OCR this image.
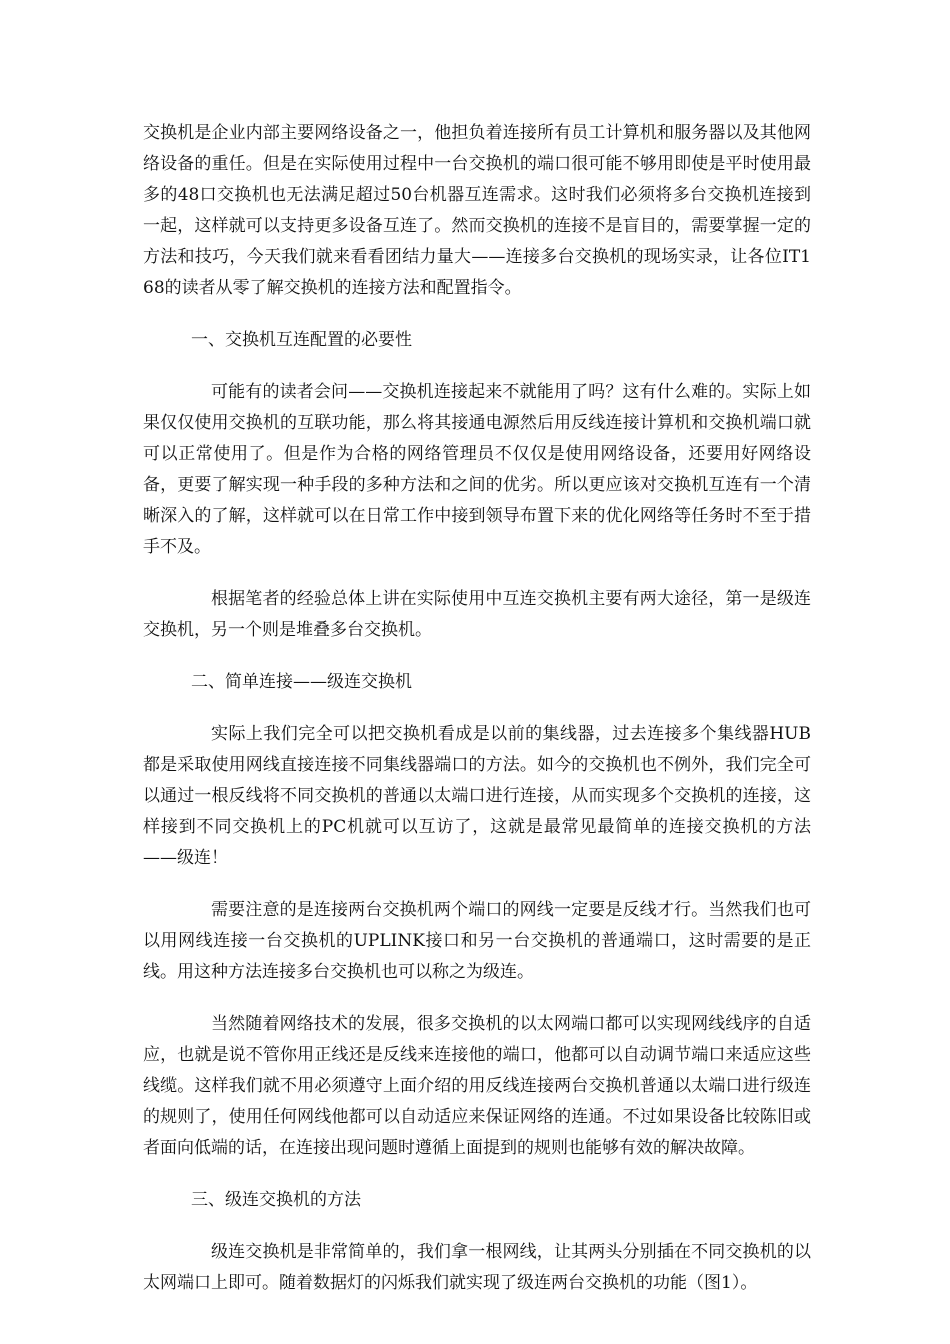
交换机是企业内部主要网络设备之一，他担负着连接所有员工计算机和服务器以及其他网络设备的重任。但是在实际使用过程中一台交换机的端口很可能不够用即使是平时使用最多的48口交换机也无法满足超过50台机器互连需求。这时我们必须将多台交换机连接到一起，这样就可以支持更多设备互连了。然而交换机的连接不是盲目的，需要掌握一定的方法和技巧，今天我们就来看看团结力量大——连接多台交换机的现场实录，让各位IT168的读者从零了解交换机的连接方法和配置指令。

一、交换机互连配置的必要性

可能有的读者会问——交换机连接起来不就能用了吗？这有什么难的。实际上如果仅仅使用交换机的互联功能，那么将其接通电源然后用反线连接计算机和交换机端口就可以正常使用了。但是作为合格的网络管理员不仅仅是使用网络设备，还要用好网络设备，更要了解实现一种手段的多种方法和之间的优劣。所以更应该对交换机互连有一个清晰深入的了解，这样就可以在日常工作中接到领导布置下来的优化网络等任务时不至于措手不及。

根据笔者的经验总体上讲在实际使用中互连交换机主要有两大途径，第一是级连交换机，另一个则是堆叠多台交换机。

二、简单连接——级连交换机

实际上我们完全可以把交换机看成是以前的集线器，过去连接多个集线器HUB都是采取使用网线直接连接不同集线器端口的方法。如今的交换机也不例外，我们完全可以通过一根反线将不同交换机的普通以太端口进行连接，从而实现多个交换机的连接，这样接到不同交换机上的PC机就可以互访了，这就是最常见最简单的连接交换机的方法——级连！

需要注意的是连接两台交换机两个端口的网线一定要是反线才行。当然我们也可以用网线连接一台交换机的UPLINK接口和另一台交换机的普通端口，这时需要的是正线。用这种方法连接多台交换机也可以称之为级连。

当然随着网络技术的发展，很多交换机的以太网端口都可以实现网线线序的自适应，也就是说不管你用正线还是反线来连接他的端口，他都可以自动调节端口来适应这些线缆。这样我们就不用必须遵守上面介绍的用反线连接两台交换机普通以太端口进行级连的规则了，使用任何网线他都可以自动适应来保证网络的连通。不过如果设备比较陈旧或者面向低端的话，在连接出现问题时遵循上面提到的规则也能够有效的解决故障。

三、级连交换机的方法

级连交换机是非常简单的，我们拿一根网线，让其两头分别插在不同交换机的以太网端口上即可。随着数据灯的闪烁我们就实现了级连两台交换机的功能（图1）。
